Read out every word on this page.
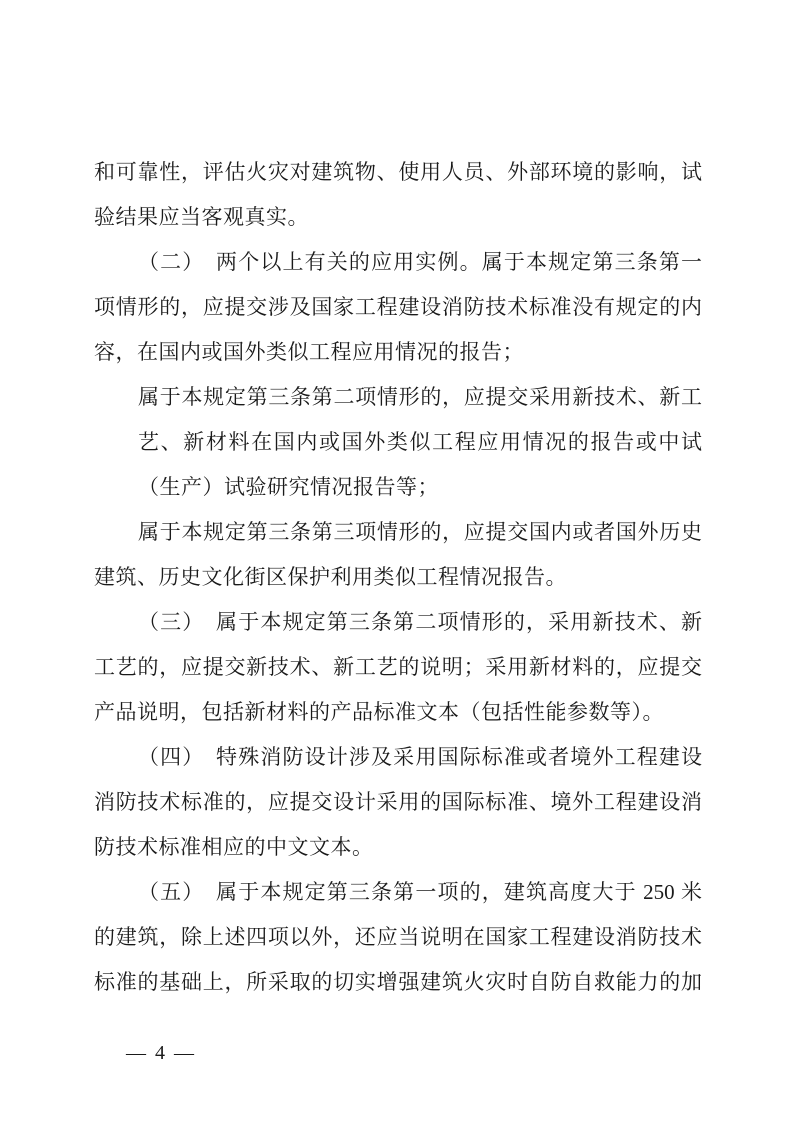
和可靠性，评估火灾对建筑物、使用人员、外部环境的影响，试
验结果应当客观真实。
（二）　两个以上有关的应用实例。属于本规定第三条第一
项情形的，应提交涉及国家工程建设消防技术标准没有规定的内
容，在国内或国外类似工程应用情况的报告；
属于本规定第三条第二项情形的，应提交采用新技术、新工
艺、新材料在国内或国外类似工程应用情况的报告或中试
（生产）试验研究情况报告等；
属于本规定第三条第三项情形的，应提交国内或者国外历史
建筑、历史文化街区保护利用类似工程情况报告。
（三）　属于本规定第三条第二项情形的，采用新技术、新
工艺的，应提交新技术、新工艺的说明；采用新材料的，应提交
产品说明，包括新材料的产品标准文本（包括性能参数等）。
（四）　特殊消防设计涉及采用国际标准或者境外工程建设
消防技术标准的，应提交设计采用的国际标准、境外工程建设消
防技术标准相应的中文文本。
（五）　属于本规定第三条第一项的，建筑高度大于 250 米
的建筑，除上述四项以外，还应当说明在国家工程建设消防技术
标准的基础上，所采取的切实增强建筑火灾时自防自救能力的加
— 4 —
